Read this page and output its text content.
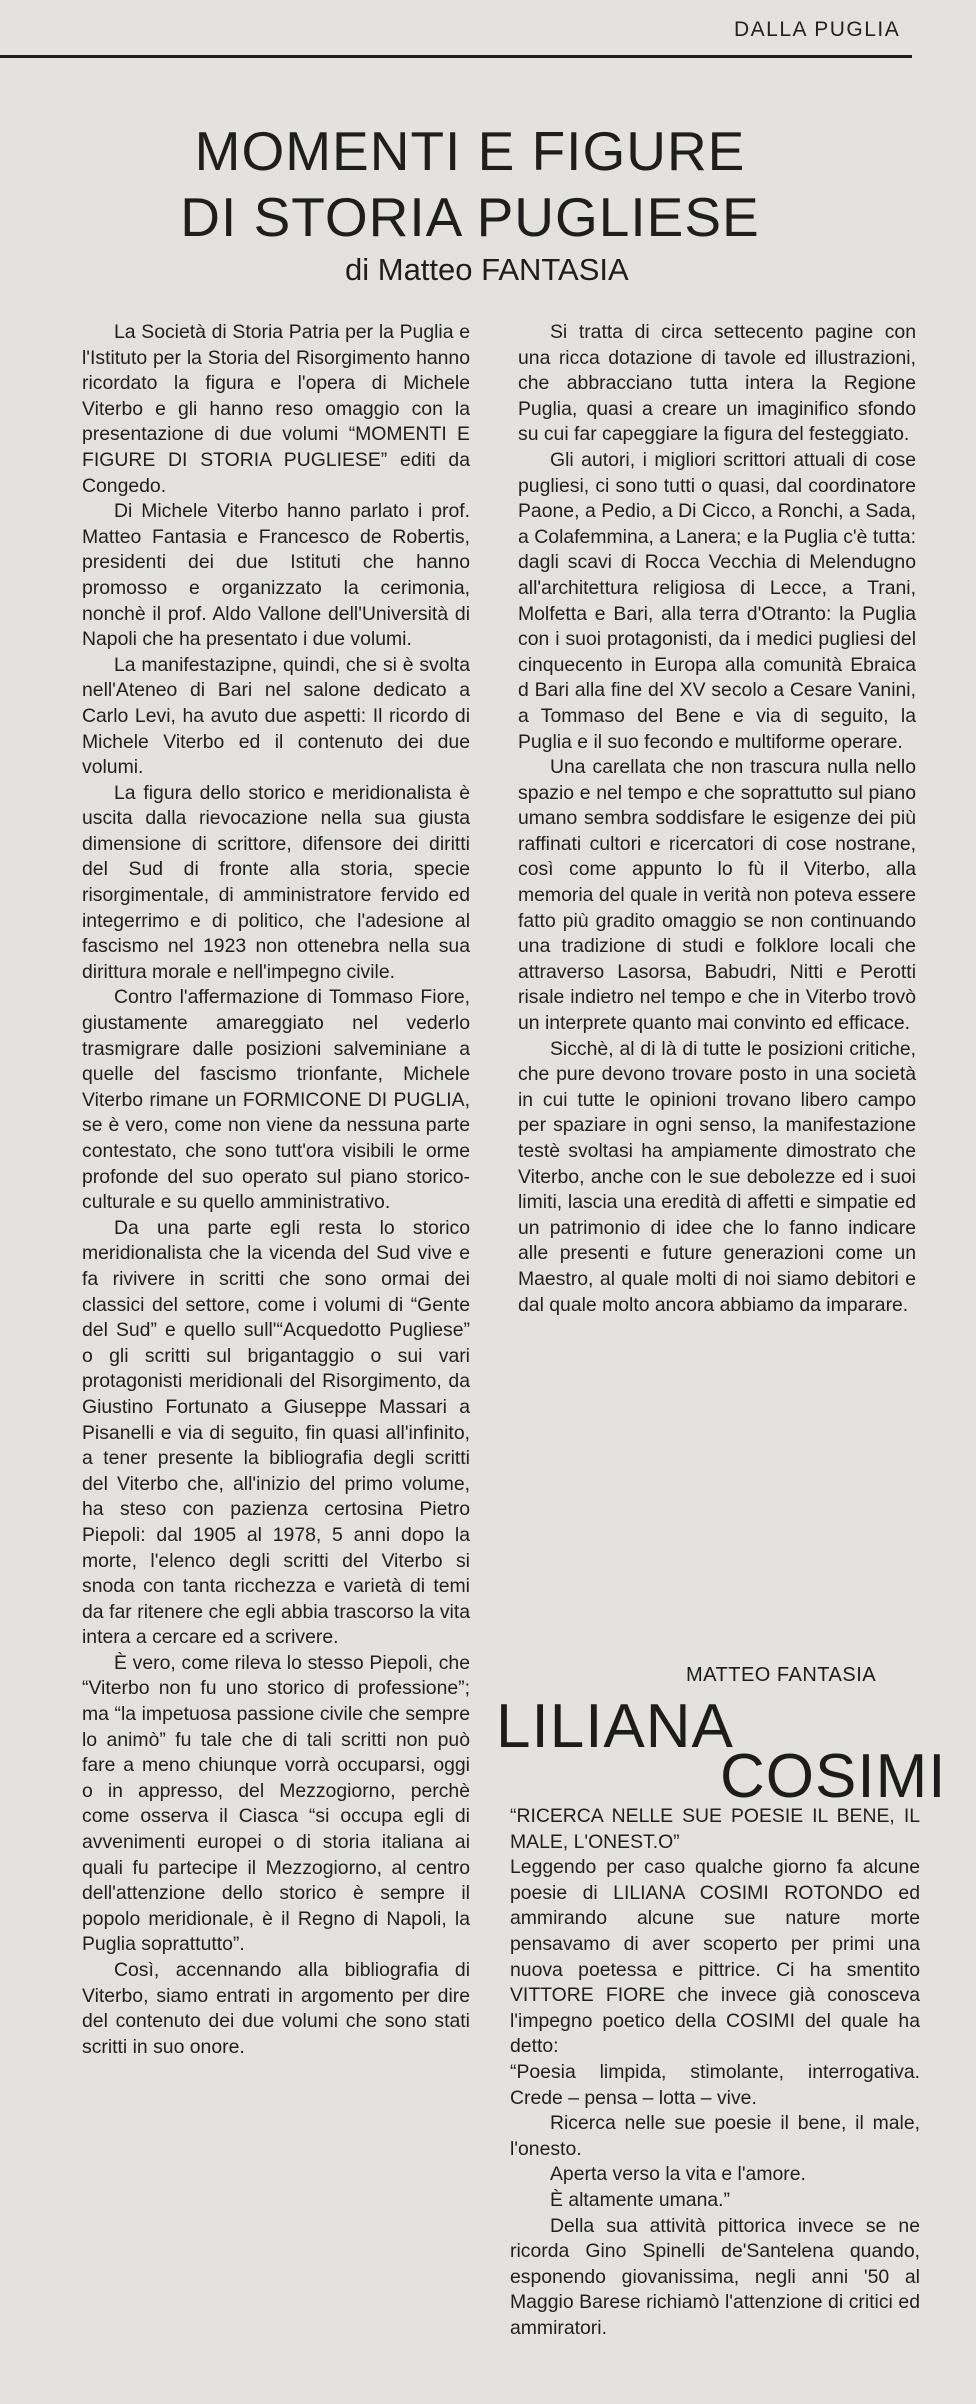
DALLA PUGLIA
MOMENTI E FIGURE
DI STORIA PUGLIESE
di Matteo FANTASIA

La Società di Storia Patria per la Puglia e l'Istituto per la Storia del Risorgimento hanno ricordato la figura e l'opera di Michele Viterbo e gli hanno reso omaggio con la presentazione di due volumi “MOMENTI E FIGURE DI STORIA PUGLIESE” editi da Congedo.

Di Michele Viterbo hanno parlato i prof. Matteo Fantasia e Francesco de Robertis, presidenti dei due Istituti che hanno promosso e organizzato la cerimonia, nonchè il prof. Aldo Vallone dell'Università di Napoli che ha presentato i due volumi.

La manifestazipne, quindi, che si è svolta nell'Ateneo di Bari nel salone dedicato a Carlo Levi, ha avuto due aspetti: Il ricordo di Michele Viterbo ed il contenuto dei due volumi.

La figura dello storico e meridionalista è uscita dalla rievocazione nella sua giusta dimensione di scrittore, difensore dei diritti del Sud di fronte alla storia, specie risorgimentale, di amministratore fervido ed integerrimo e di politico, che l'adesione al fascismo nel 1923 non ottenebra nella sua dirittura morale e nell'impegno civile.

Contro l'affermazione di Tommaso Fiore, giustamente amareggiato nel vederlo trasmigrare dalle posizioni salveminiane a quelle del fascismo trionfante, Michele Viterbo rimane un FORMICONE DI PUGLIA, se è vero, come non viene da nessuna parte contestato, che sono tutt'ora visibili le orme profonde del suo operato sul piano storico-culturale e su quello amministrativo.

Da una parte egli resta lo storico meridionalista che la vicenda del Sud vive e fa rivivere in scritti che sono ormai dei classici del settore, come i volumi di “Gente del Sud” e quello sull'“Acquedotto Pugliese” o gli scritti sul brigantaggio o sui vari protagonisti meridionali del Risorgimento, da Giustino Fortunato a Giuseppe Massari a Pisanelli e via di seguito, fin quasi all'infinito, a tener presente la bibliografia degli scritti del Viterbo che, all'inizio del primo volume, ha steso con pazienza certosina Pietro Piepoli: dal 1905 al 1978, 5 anni dopo la morte, l'elenco degli scritti del Viterbo si snoda con tanta ricchezza e varietà di temi da far ritenere che egli abbia trascorso la vita intera a cercare ed a scrivere.

È vero, come rileva lo stesso Piepoli, che “Viterbo non fu uno storico di professione”; ma “la impetuosa passione civile che sempre lo animò” fu tale che di tali scritti non può fare a meno chiunque vorrà occuparsi, oggi o in appresso, del Mezzogiorno, perchè come osserva il Ciasca “si occupa egli di avvenimenti europei o di storia italiana ai quali fu partecipe il Mezzogiorno, al centro dell'attenzione dello storico è sempre il popolo meridionale, è il Regno di Napoli, la Puglia soprattutto”.

Così, accennando alla bibliografia di Viterbo, siamo entrati in argomento per dire del contenuto dei due volumi che sono stati scritti in suo onore.

Si tratta di circa settecento pagine con una ricca dotazione di tavole ed illustrazioni, che abbracciano tutta intera la Regione Puglia, quasi a creare un imaginifico sfondo su cui far capeggiare la figura del festeggiato.

Gli autori, i migliori scrittori attuali di cose pugliesi, ci sono tutti o quasi, dal coordinatore Paone, a Pedio, a Di Cicco, a Ronchi, a Sada, a Colafemmina, a Lanera; e la Puglia c'è tutta: dagli scavi di Rocca Vecchia di Melendugno all'architettura religiosa di Lecce, a Trani, Molfetta e Bari, alla terra d'Otranto: la Puglia con i suoi protagonisti, da i medici pugliesi del cinquecento in Europa alla comunità Ebraica d Bari alla fine del XV secolo a Cesare Vanini, a Tommaso del Bene e via di seguito, la Puglia e il suo fecondo e multiforme operare.

Una carellata che non trascura nulla nello spazio e nel tempo e che soprattutto sul piano umano sembra soddisfare le esigenze dei più raffinati cultori e ricercatori di cose nostrane, così come appunto lo fù il Viterbo, alla memoria del quale in verità non poteva essere fatto più gradito omaggio se non continuando una tradizione di studi e folklore locali che attraverso Lasorsa, Babudri, Nitti e Perotti risale indietro nel tempo e che in Viterbo trovò un interprete quanto mai convinto ed efficace.

Sicchè, al di là di tutte le posizioni critiche, che pure devono trovare posto in una società in cui tutte le opinioni trovano libero campo per spaziare in ogni senso, la manifestazione testè svoltasi ha ampiamente dimostrato che Viterbo, anche con le sue debolezze ed i suoi limiti, lascia una eredità di affetti e simpatie ed un patrimonio di idee che lo fanno indicare alle presenti e future generazioni come un Maestro, al quale molti di noi siamo debitori e dal quale molto ancora abbiamo da imparare.

MATTEO FANTASIA
LILIANA
COSIMI

“RICERCA NELLE SUE POESIE IL BENE, IL MALE, L'ONEST.O”

Leggendo per caso qualche giorno fa alcune poesie di LILIANA COSIMI ROTONDO ed ammirando alcune sue nature morte pensavamo di aver scoperto per primi una nuova poetessa e pittrice. Ci ha smentito VITTORE FIORE che invece già conosceva l'impegno poetico della COSIMI del quale ha detto:

“Poesia limpida, stimolante, interrogativa. Crede – pensa – lotta – vive.

Ricerca nelle sue poesie il bene, il male, l'onesto.

Aperta verso la vita e l'amore.

È altamente umana.”

Della sua attività pittorica invece se ne ricorda Gino Spinelli de'Santelena quando, esponendo giovanissima, negli anni '50 al Maggio Barese richiamò l'attenzione di critici ed ammiratori.
